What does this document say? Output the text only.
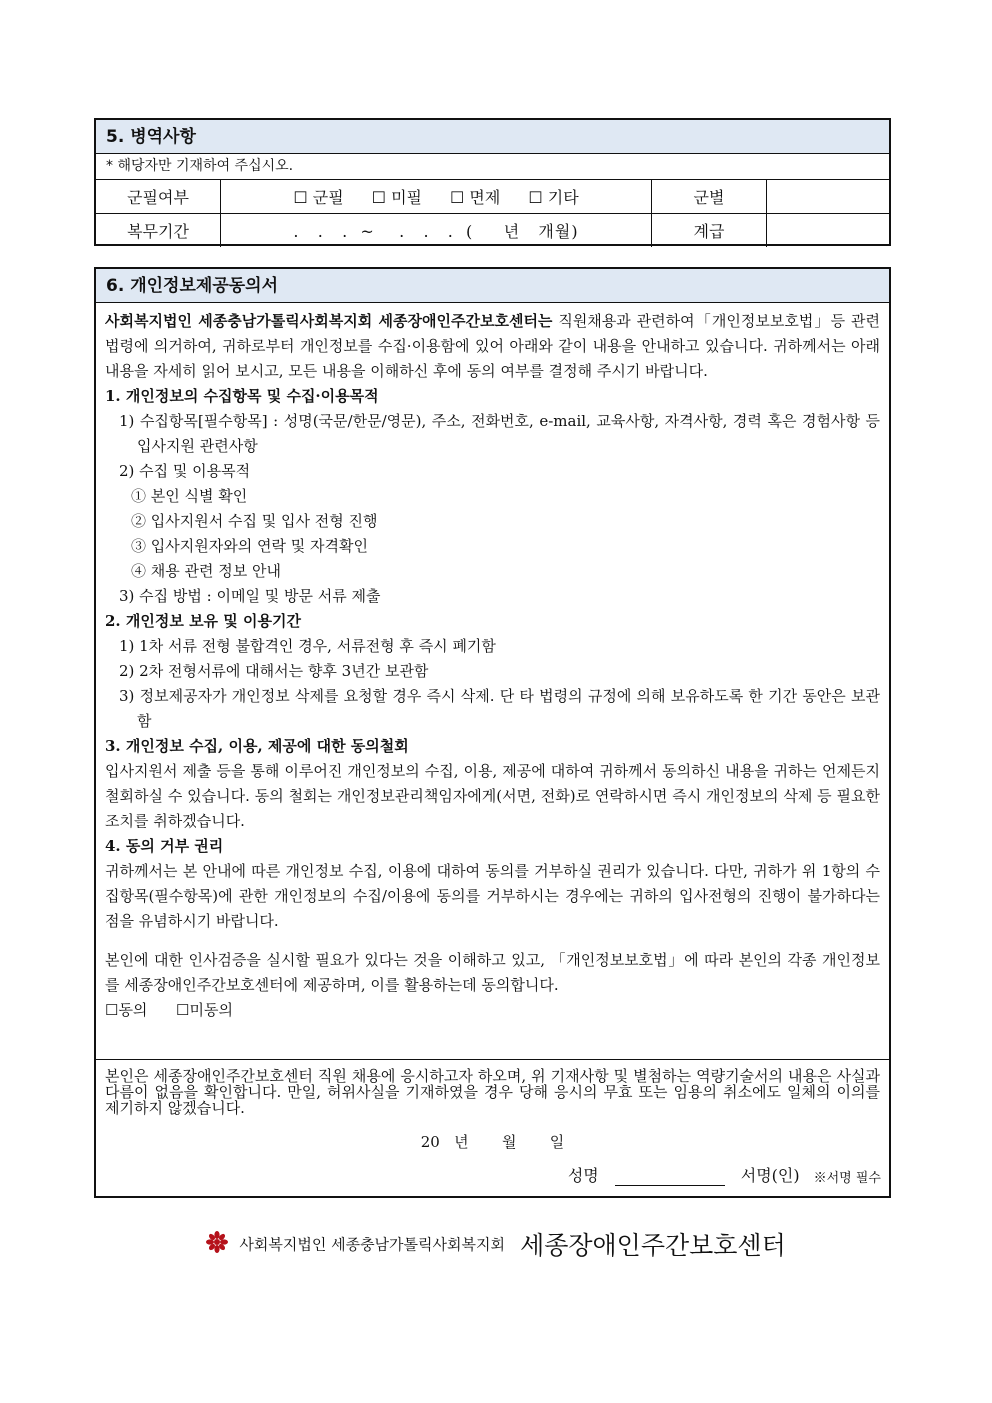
5. 병역사항
* 해당자만 기재하여 주십시오.
군필여부	☐ 군필 ☐ 미필 ☐ 면제 ☐ 기타	군별
복무기간	.   .   .  ~    .   .   .  (     년   개월)	계급
6. 개인정보제공동의서

사회복지법인 세종충남가톨릭사회복지회 세종장애인주간보호센터는 직원채용과 관련하여「개인정보보호법」등 관련 법령에 의거하여, 귀하로부터 개인정보를 수집·이용함에 있어 아래와 같이 내용을 안내하고 있습니다. 귀하께서는 아래 내용을 자세히 읽어 보시고, 모든 내용을 이해하신 후에 동의 여부를 결정해 주시기 바랍니다.

1. 개인정보의 수집항목 및 수집·이용목적

1) 수집항목[필수항목] : 성명(국문/한문/영문), 주소, 전화번호, e-mail, 교육사항, 자격사항, 경력 혹은 경험사항 등 입사지원 관련사항

2) 수집 및 이용목적

① 본인 식별 확인

② 입사지원서 수집 및 입사 전형 진행

③ 입사지원자와의 연락 및 자격확인

④ 채용 관련 정보 안내

3) 수집 방법 : 이메일 및 방문 서류 제출

2. 개인정보 보유 및 이용기간

1) 1차 서류 전형 불합격인 경우, 서류전형 후 즉시 폐기함

2) 2차 전형서류에 대해서는 향후 3년간 보관함

3) 정보제공자가 개인정보 삭제를 요청할 경우 즉시 삭제. 단 타 법령의 규정에 의해 보유하도록 한 기간 동안은 보관함

3. 개인정보 수집, 이용, 제공에 대한 동의철회

입사지원서 제출 등을 통해 이루어진 개인정보의 수집, 이용, 제공에 대하여 귀하께서 동의하신 내용을 귀하는 언제든지 철회하실 수 있습니다. 동의 철회는 개인정보관리책임자에게(서면, 전화)로 연락하시면 즉시 개인정보의 삭제 등 필요한 조치를 취하겠습니다.

4. 동의 거부 권리

귀하께서는 본 안내에 따른 개인정보 수집, 이용에 대하여 동의를 거부하실 권리가 있습니다. 다만, 귀하가 위 1항의 수집항목(필수항목)에 관한 개인정보의 수집/이용에 동의를 거부하시는 경우에는 귀하의 입사전형의 진행이 불가하다는 점을 유념하시기 바랍니다.

본인에 대한 인사검증을 실시할 필요가 있다는 것을 이해하고 있고, 「개인정보보호법」에 따라 본인의 각종 개인정보를 세종장애인주간보호센터에 제공하며, 이를 활용하는데 동의합니다.

☐동의 ☐미동의

본인은 세종장애인주간보호센터 직원 채용에 응시하고자 하오며, 위 기재사항 및 별첨하는 역량기술서의 내용은 사실과 다름이 없음을 확인합니다. 만일, 허위사실을 기재하였을 경우 당해 응시의 무효 또는 임용의 취소에도 일체의 이의를 제기하지 않겠습니다.

20   년       월       일
성명	서명(인) ※서명 필수
사회복지법인 세종충남가톨릭사회복지회 세종장애인주간보호센터
